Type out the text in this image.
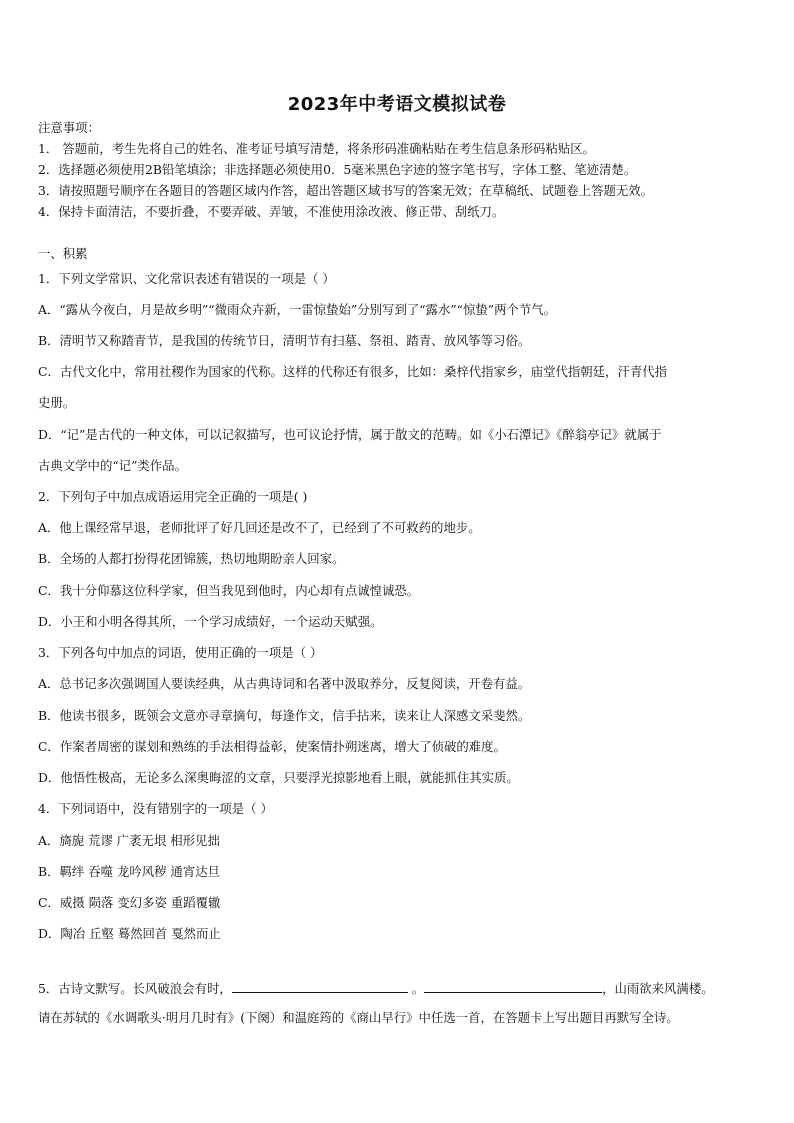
2023年中考语文模拟试卷
注意事项：
1． 答题前，考生先将自己的姓名、准考证号填写清楚，将条形码准确粘贴在考生信息条形码粘贴区。
2．选择题必须使用2B铅笔填涂；非选择题必须使用0．5毫米黑色字迹的签字笔书写，字体工整、笔迹清楚。
3．请按照题号顺序在各题目的答题区域内作答，超出答题区域书写的答案无效；在草稿纸、试题卷上答题无效。
4．保持卡面清洁，不要折叠，不要弄破、弄皱，不准使用涂改液、修正带、刮纸刀。
一、积累
1．下列文学常识、文化常识表述有错误的一项是（ ）
A．“露从今夜白，月是故乡明”“微雨众卉新，一雷惊蛰始”分别写到了“露水”“惊蛰”两个节气。
B．清明节又称踏青节，是我国的传统节日，清明节有扫墓、祭祖、踏青、放风筝等习俗。
C．古代文化中，常用社稷作为国家的代称。这样的代称还有很多，比如：桑梓代指家乡，庙堂代指朝廷，汗青代指
史册。
D．“记”是古代的一种文体，可以记叙描写，也可议论抒情，属于散文的范畴。如《小石潭记》《醉翁亭记》就属于
古典文学中的“记”类作品。
2．下列句子中加点成语运用完全正确的一项是( )
A．他上课经常早退，老师批评了好几回还是改不了，已经到了不可救药的地步。
B．全场的人都打扮得花团锦簇，热切地期盼亲人回家。
C．我十分仰慕这位科学家，但当我见到他时，内心却有点诚惶诚恐。
D．小王和小明各得其所，一个学习成绩好，一个运动天赋强。
3．下列各句中加点的词语，使用正确的一项是（ ）
A．总书记多次强调国人要读经典，从古典诗词和名著中汲取养分，反复阅读，开卷有益。
B．他读书很多，既领会文意亦寻章摘句，每逢作文，信手拈来，读来让人深感文采斐然。
C．作案者周密的谋划和熟练的手法相得益彰，使案情扑朔迷离，增大了侦破的难度。
D．他悟性极高，无论多么深奥晦涩的文章，只要浮光掠影地看上眼，就能抓住其实质。
4．下列词语中，没有错别字的一项是（ ）
A．旖旎 荒谬 广袤无垠 相形见拙
B．羁绊 吞噬 龙吟风秽 通宵达旦
C．威摄 陨落 变幻多姿 重蹈覆辙
D．陶冶 丘壑 蓦然回首 戛然而止
5．古诗文默写。长风破浪会有时，	。	，山雨欲来风满楼。
请在苏轼的《水调歌头·明月几时有》(下阕）和温庭筠的《商山早行》中任选一首，在答题卡上写出题目再默写全诗。
